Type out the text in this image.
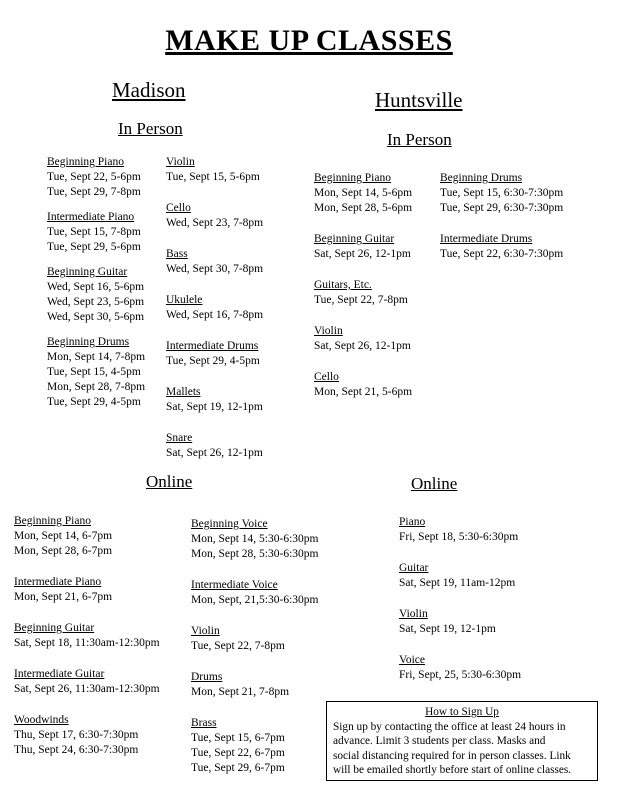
MAKE UP CLASSES
Madison	Huntsville
In Person
In Person
Online	Online
Beginning Piano
Tue, Sept 22, 5-6pm
Tue, Sept 29, 7-8pm
Intermediate Piano
Tue, Sept 15, 7-8pm
Tue, Sept 29, 5-6pm
Beginning Guitar
Wed, Sept 16, 5-6pm
Wed, Sept 23, 5-6pm
Wed, Sept 30, 5-6pm
Beginning Drums
Mon, Sept 14, 7-8pm
Tue, Sept 15, 4-5pm
Mon, Sept 28, 7-8pm
Tue, Sept 29, 4-5pm
Violin
Tue, Sept 15, 5-6pm
Cello
Wed, Sept 23, 7-8pm
Bass
Wed, Sept 30, 7-8pm
Ukulele
Wed, Sept 16, 7-8pm
Intermediate Drums
Tue, Sept 29, 4-5pm
Mallets
Sat, Sept 19, 12-1pm
Snare
Sat, Sept 26, 12-1pm
Beginning Piano
Mon, Sept 14, 5-6pm
Mon, Sept 28, 5-6pm
Beginning Guitar
Sat, Sept 26, 12-1pm
Guitars, Etc.
Tue, Sept 22, 7-8pm
Violin
Sat, Sept 26, 12-1pm
Cello
Mon, Sept 21, 5-6pm
Beginning Drums
Tue, Sept 15, 6:30-7:30pm
Tue, Sept 29, 6:30-7:30pm
Intermediate Drums
Tue, Sept 22, 6:30-7:30pm
Beginning Piano
Mon, Sept 14, 6-7pm
Mon, Sept 28, 6-7pm
Intermediate Piano
Mon, Sept 21, 6-7pm
Beginning Guitar
Sat, Sept 18, 11:30am-12:30pm
Intermediate Guitar
Sat, Sept 26, 11:30am-12:30pm
Woodwinds
Thu, Sept 17, 6:30-7:30pm
Thu, Sept 24, 6:30-7:30pm
Beginning Voice
Mon, Sept 14, 5:30-6:30pm
Mon, Sept 28, 5:30-6:30pm
Intermediate Voice
Mon, Sept, 21,5:30-6:30pm
Violin
Tue, Sept 22, 7-8pm
Drums
Mon, Sept 21, 7-8pm
Brass
Tue, Sept 15, 6-7pm
Tue, Sept 22, 6-7pm
Tue, Sept 29, 6-7pm
Piano
Fri, Sept 18, 5:30-6:30pm
Guitar
Sat, Sept 19, 11am-12pm
Violin
Sat, Sept 19, 12-1pm
Voice
Fri, Sept, 25, 5:30-6:30pm
How to Sign Up
Sign up by contacting the office at least 24 hours in
advance. Limit 3 students per class. Masks and
social distancing required for in person classes. Link
will be emailed shortly before start of online classes.
